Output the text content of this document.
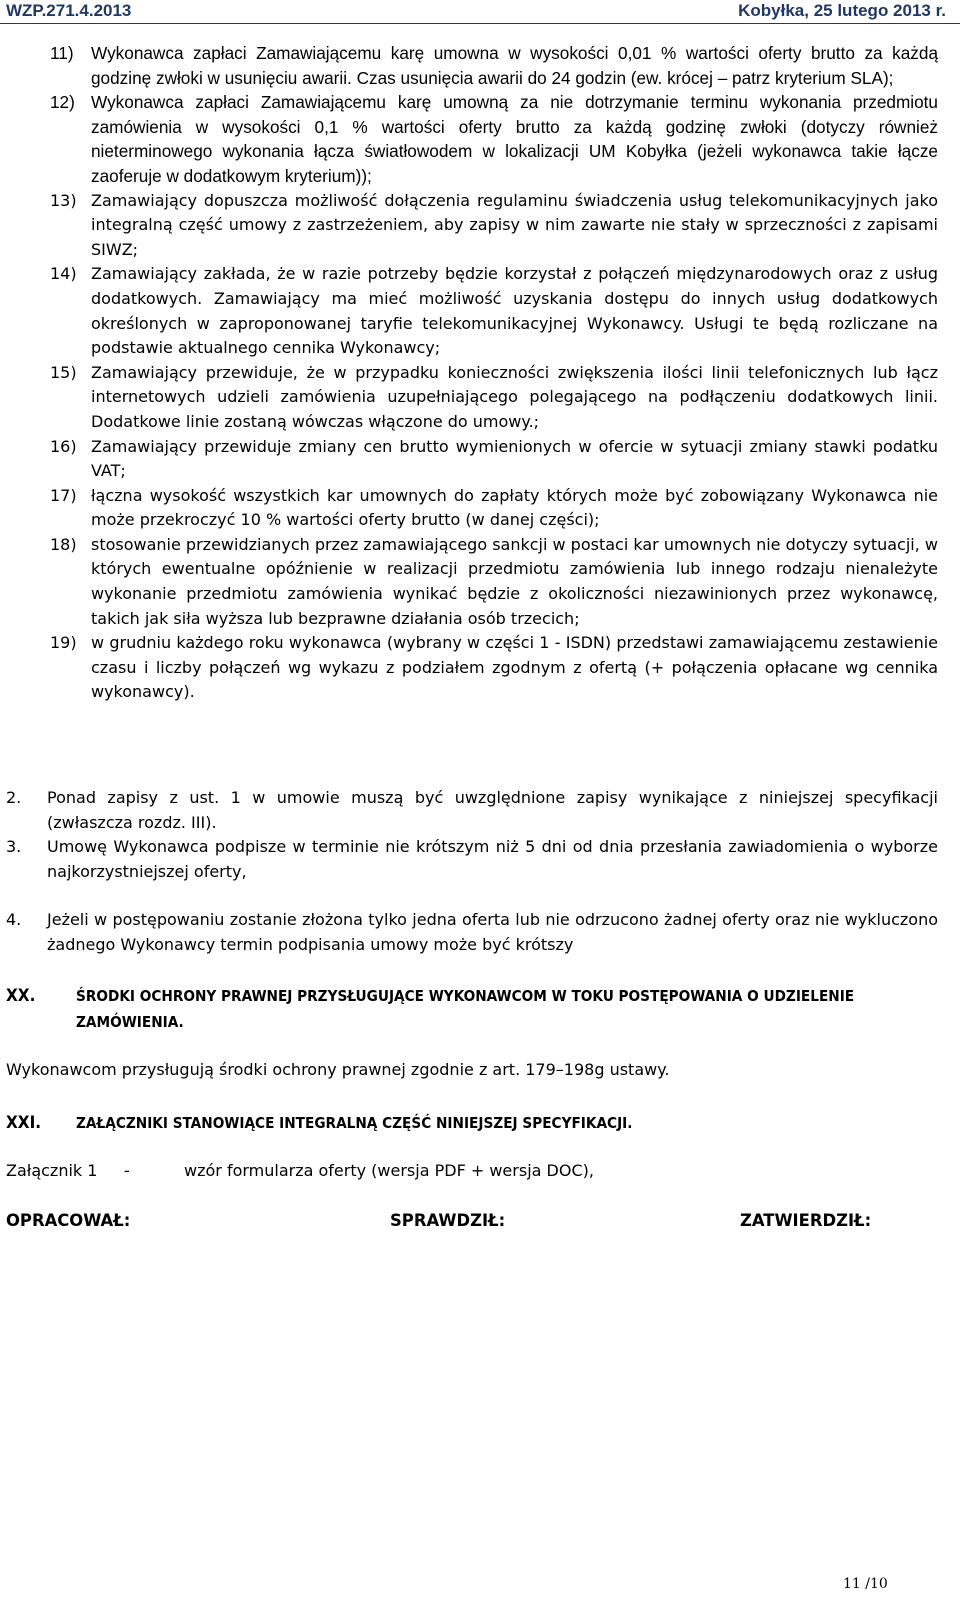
WZP.271.4.2013	Kobyłka, 25 lutego 2013 r.
11)	Wykonawca zapłaci Zamawiającemu karę umowna w wysokości 0,01 % wartości oferty brutto za każdą godzinę zwłoki w usunięciu awarii. Czas usunięcia awarii do 24 godzin (ew. krócej – patrz kryterium SLA);
12) Wykonawca zapłaci Zamawiającemu karę umowną za nie dotrzymanie terminu wykonania przedmiotu zamówienia w wysokości 0,1 % wartości oferty brutto za każdą godzinę zwłoki (dotyczy również nieterminowego wykonania łącza światłowodem w lokalizacji UM Kobyłka (jeżeli wykonawca takie łącze zaoferuje w dodatkowym kryterium));
13) Zamawiający dopuszcza możliwość dołączenia regulaminu świadczenia usług telekomunikacyjnych jako integralną część umowy z zastrzeżeniem, aby zapisy w nim zawarte nie stały w sprzeczności z zapisami SIWZ;
14) Zamawiający zakłada, że w razie potrzeby będzie korzystał z połączeń międzynarodowych oraz z usług dodatkowych. Zamawiający ma mieć możliwość uzyskania dostępu do innych usług dodatkowych określonych w zaproponowanej taryfie telekomunikacyjnej Wykonawcy. Usługi te będą rozliczane na podstawie aktualnego cennika Wykonawcy;
15) Zamawiający przewiduje, że w przypadku konieczności zwiększenia ilości linii telefonicznych lub łącz internetowych udzieli zamówienia uzupełniającego polegającego na podłączeniu dodatkowych linii. Dodatkowe linie zostaną wówczas włączone do umowy.;
16) Zamawiający przewiduje zmiany cen brutto wymienionych w ofercie w sytuacji zmiany stawki podatku VAT;
17) łączna wysokość wszystkich kar umownych do zapłaty których może być zobowiązany Wykonawca nie może przekroczyć 10 % wartości oferty brutto (w danej części);
18) stosowanie przewidzianych przez zamawiającego sankcji w postaci kar umownych nie dotyczy sytuacji, w których ewentualne opóźnienie w realizacji przedmiotu zamówienia lub innego rodzaju nienależyte wykonanie przedmiotu zamówienia wynikać będzie z okoliczności niezawinionych przez wykonawcę, takich jak siła wyższa lub bezprawne działania osób trzecich;
19) w grudniu każdego roku wykonawca (wybrany w części 1 - ISDN) przedstawi zamawiającemu zestawienie czasu i liczby połączeń wg wykazu z podziałem zgodnym z ofertą (+ połączenia opłacane wg cennika wykonawcy).
2.	Ponad zapisy z ust. 1 w umowie muszą być uwzględnione zapisy wynikające z niniejszej specyfikacji (zwłaszcza rozdz. III).
3.	Umowę Wykonawca podpisze w terminie nie krótszym niż 5 dni od dnia przesłania zawiadomienia o wyborze najkorzystniejszej oferty,
4.	Jeżeli w postępowaniu zostanie złożona tylko jedna oferta lub nie odrzucono żadnej oferty oraz nie wykluczono żadnego Wykonawcy termin podpisania umowy może być krótszy
XX.	ŚRODKI OCHRONY PRAWNEJ PRZYSŁUGUJĄCE WYKONAWCOM W TOKU POSTĘPOWANIA O UDZIELENIE ZAMÓWIENIA.
Wykonawcom przysługują środki ochrony prawnej zgodnie z art. 179–198g ustawy.
XXI.	ZAŁĄCZNIKI STANOWIĄCE INTEGRALNĄ CZĘŚĆ NINIEJSZEJ SPECYFIKACJI.
Załącznik 1 -	wzór formularza oferty (wersja PDF + wersja DOC),
OPRACOWAŁ:	SPRAWDZIŁ:	ZATWIERDZIŁ:
11 /10
